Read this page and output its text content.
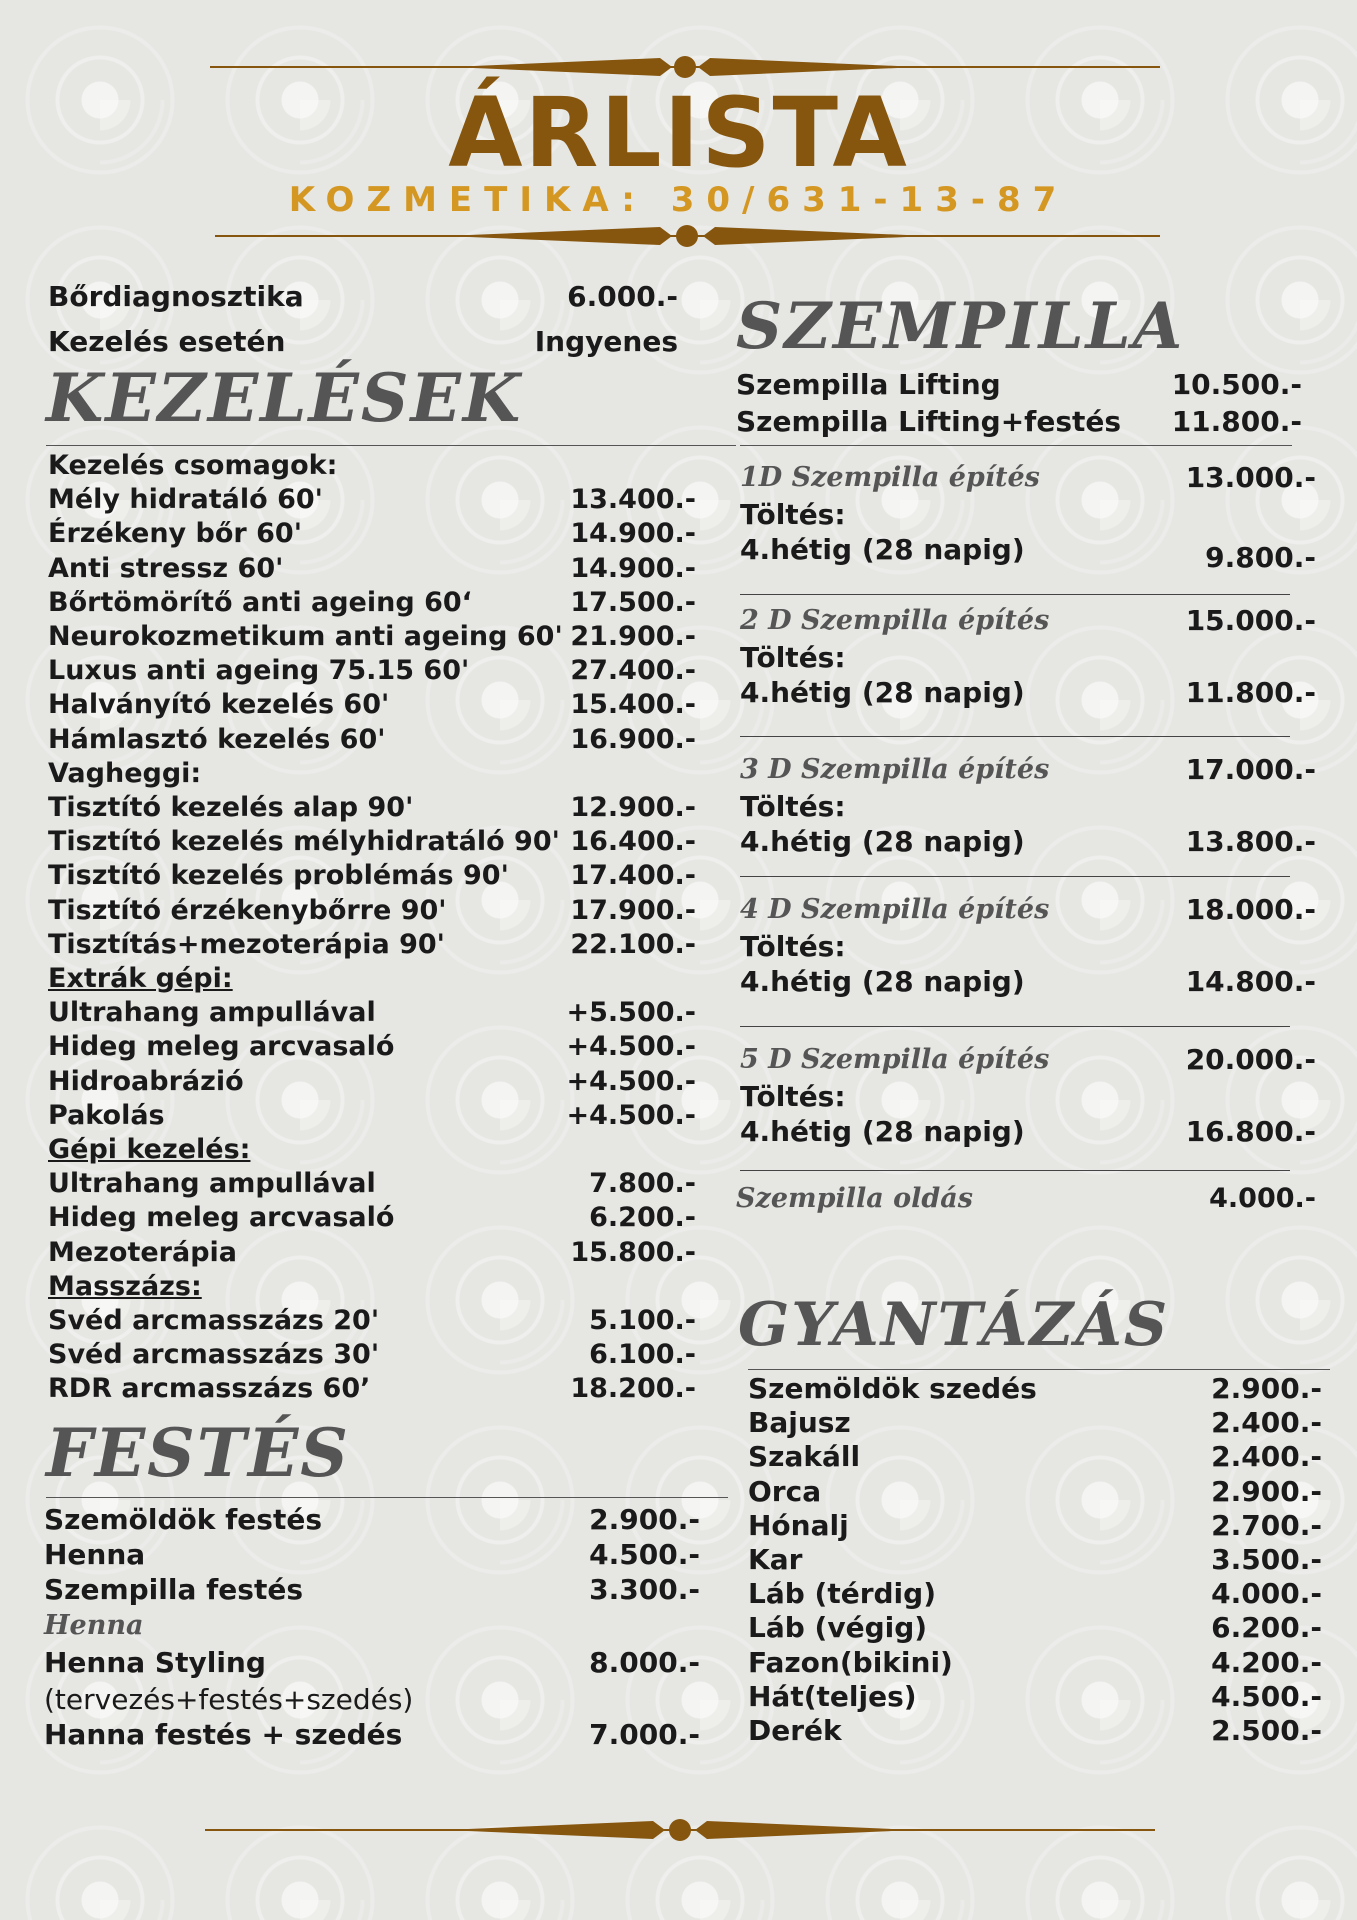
ÁRLISTA
KOZMETIKA: 30/631-13-87
KEZELÉSEK
FESTÉS
Henna
Henna Styling	8.000.-
(tervezés+festés+szedés)
Hanna festés + szedés	7.000.-
SZEMPILLA
Szempilla oldás	4.000.-
GYANTÁZÁS
Bőrdiagnosztika	6.000.-
Kezelés esetén	Ingyenes
Kezelés csomagok:
Mély hidratáló 60'	13.400.-
Érzékeny bőr 60'	14.900.-
Anti stressz 60'	14.900.-
Bőrtömörítő anti ageing 60‘	17.500.-
Neurokozmetikum anti ageing 60' 21.900.-
Luxus anti ageing 75.15 60'	27.400.-
Halványító kezelés 60'	15.400.-
Hámlasztó kezelés 60'	16.900.-
Vagheggi:
Tisztító kezelés alap 90'	12.900.-
Tisztító kezelés mélyhidratáló 90' 16.400.-
Tisztító kezelés problémás 90' 17.400.-
Tisztító érzékenybőrre 90'	17.900.-
Tisztítás+mezoterápia 90'	22.100.-
Extrák gépi:
Ultrahang ampullával	+5.500.-
Hideg meleg arcvasaló	+4.500.-
Hidroabrázió	+4.500.-
Pakolás	+4.500.-
Gépi kezelés:
Ultrahang ampullával	7.800.-
Hideg meleg arcvasaló	6.200.-
Mezoterápia	15.800.-
Masszázs:
Svéd arcmasszázs 20'	5.100.-
Svéd arcmasszázs 30'	6.100.-
RDR arcmasszázs 60’	18.200.-
Szemöldök festés	2.900.-
Henna	4.500.-
Szempilla festés	3.300.-
Szempilla Lifting	10.500.-
Szempilla Lifting+festés 11.800.-
1D Szempilla építés	13.000.-
Töltés:
4.hétig (28 napig)	9.800.-
2 D Szempilla építés	15.000.-
Töltés:
4.hétig (28 napig)	11.800.-
3 D Szempilla építés	17.000.-
Töltés:
4.hétig (28 napig)	13.800.-
4 D Szempilla építés	18.000.-
Töltés:
4.hétig (28 napig)	14.800.-
5 D Szempilla építés	20.000.-
Töltés:
4.hétig (28 napig)	16.800.-
Szemöldök szedés	2.900.-
Bajusz	2.400.-
Szakáll	2.400.-
Orca	2.900.-
Hónalj	2.700.-
Kar	3.500.-
Láb (térdig)	4.000.-
Láb (végig)	6.200.-
Fazon(bikini)	4.200.-
Hát(teljes)	4.500.-
Derék	2.500.-
